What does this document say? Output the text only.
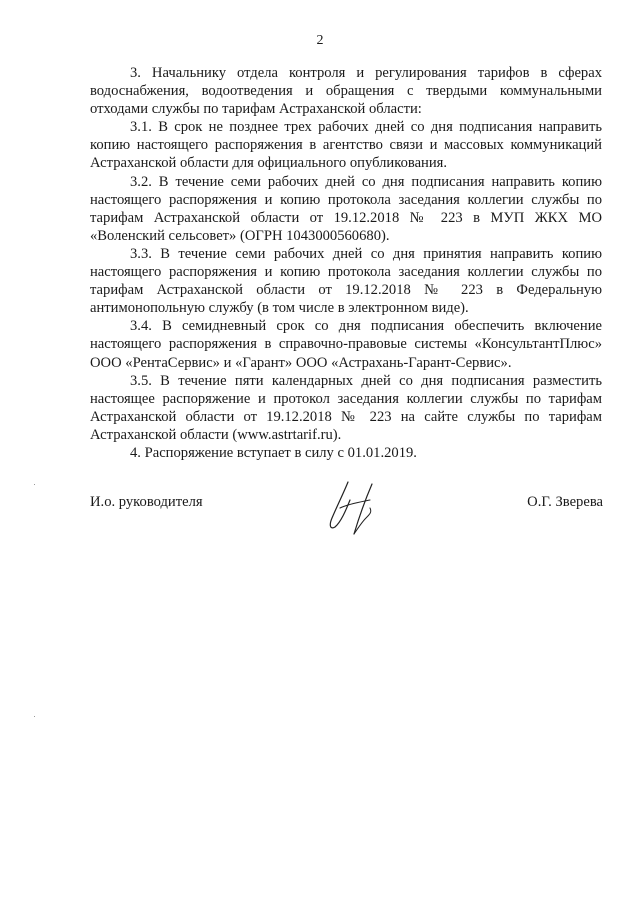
2

3. Начальнику отдела контроля и регулирования тарифов в сферах водоснабжения, водоотведения и обращения с твердыми коммунальными отходами службы по тарифам Астраханской области:

3.1. В срок не позднее трех рабочих дней со дня подписания направить копию настоящего распоряжения в агентство связи и массовых коммуникаций Астраханской области для официального опубликования.

3.2. В течение семи рабочих дней со дня подписания направить копию настоящего распоряжения и копию протокола заседания коллегии службы по тарифам Астраханской области от 19.12.2018 № 223 в МУП ЖКХ МО «Воленский сельсовет» (ОГРН 1043000560680).

3.3. В течение семи рабочих дней со дня принятия направить копию настоящего распоряжения и копию протокола заседания коллегии службы по тарифам Астраханской области от 19.12.2018 № 223 в Федеральную антимонопольную службу (в том числе в электронном виде).

3.4. В семидневный срок со дня подписания обеспечить включение настоящего распоряжения в справочно-правовые системы «КонсультантПлюс» ООО «РентаСервис» и «Гарант» ООО «Астрахань-Гарант-Сервис».

3.5. В течение пяти календарных дней со дня подписания разместить настоящее распоряжение и протокол заседания коллегии службы по тарифам Астраханской области от 19.12.2018 № 223 на сайте службы по тарифам Астраханской области (www.astrtarif.ru).

4. Распоряжение вступает в силу с 01.01.2019.

И.о. руководителя	О.Г. Зверева
